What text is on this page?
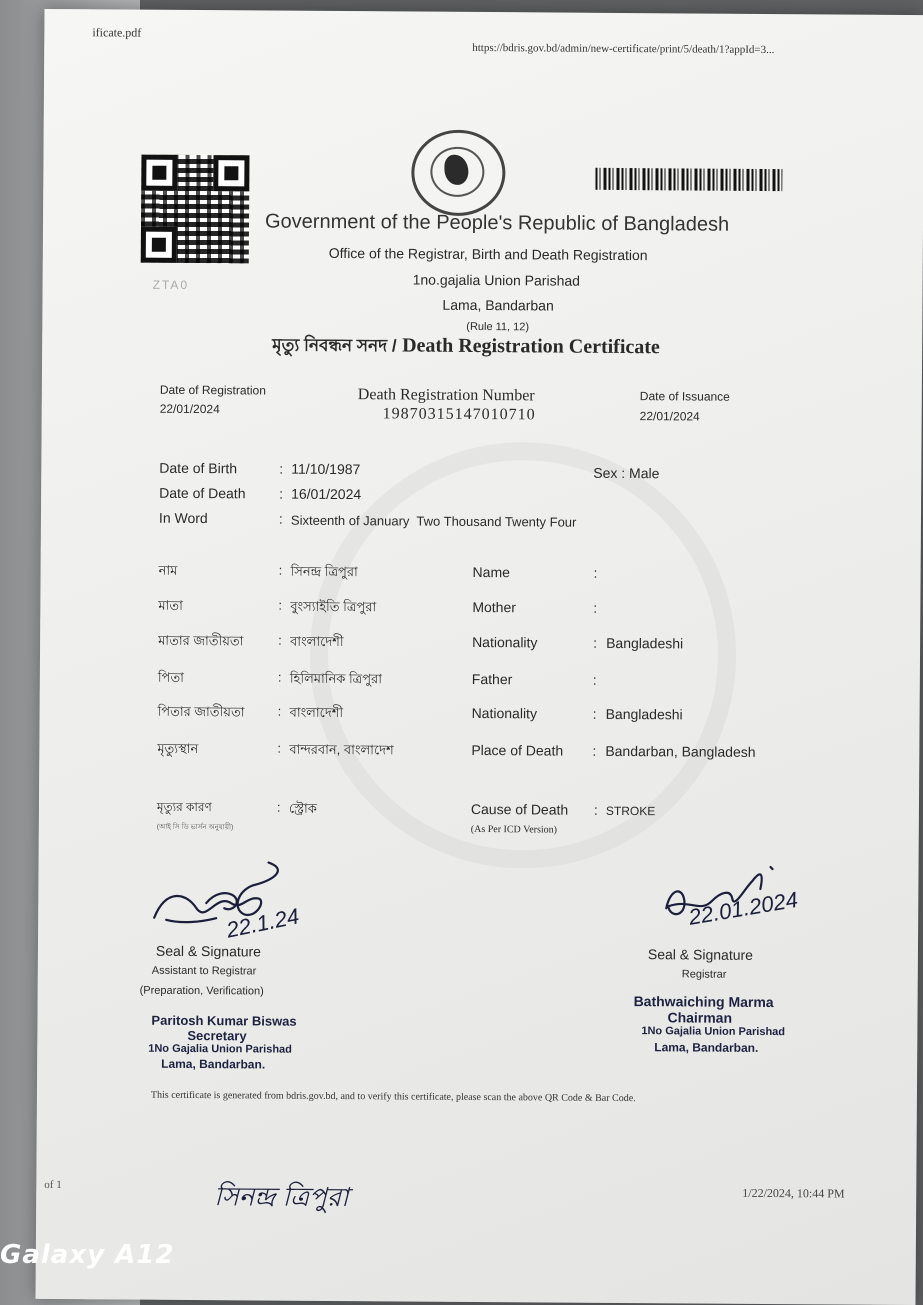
ificate.pdf
https://bdris.gov.bd/admin/new-certificate/print/5/death/1?appId=3...
ZTA0
Government of the People's Republic of Bangladesh
Office of the Registrar, Birth and Death Registration
1no.gajalia Union Parishad
Lama, Bandarban
(Rule 11, 12)
মৃত্যু নিবন্ধন সনদ / Death Registration Certificate
Date of Registration
22/01/2024
Death Registration Number
19870315147010710
Date of Issuance
22/01/2024
Date of Birth	: 11/10/1987	Sex : Male
Date of Death : 16/01/2024
In Word	: Sixteenth of January  Two Thousand Twenty Four
নাম	: সিনন্দ্র ত্রিপুরা	Name	:
মাতা	: বুংস্যাইতি ত্রিপুরা	Mother	:
মাতার জাতীয়তা	: বাংলাদেশী	Nationality	: Bangladeshi
পিতা	: হিলিমানিক ত্রিপুরা	Father	:
পিতার জাতীয়তা	: বাংলাদেশী	Nationality	: Bangladeshi
মৃত্যুস্থান	: বান্দরবান, বাংলাদেশ	Place of Death : Bandarban, Bangladesh
মৃত্যুর কারণ	: স্ট্রোক	Cause of Death : STROKE
(আই সি ডি ভার্সন অনুযায়ী)	(As Per ICD Version)
22.1.24
Seal & Signature
Assistant to Registrar
(Preparation, Verification)
Paritosh Kumar Biswas
Secretary
1No Gajalia Union Parishad
Lama, Bandarban.
22.01.2024
Seal & Signature
Registrar
Bathwaiching Marma
Chairman
1No Gajalia Union Parishad
Lama, Bandarban.
This certificate is generated from bdris.gov.bd, and to verify this certificate, please scan the above QR Code & Bar Code.
of 1	সিনন্দ্র ত্রিপুরা	1/22/2024, 10:44 PM
Galaxy A12
